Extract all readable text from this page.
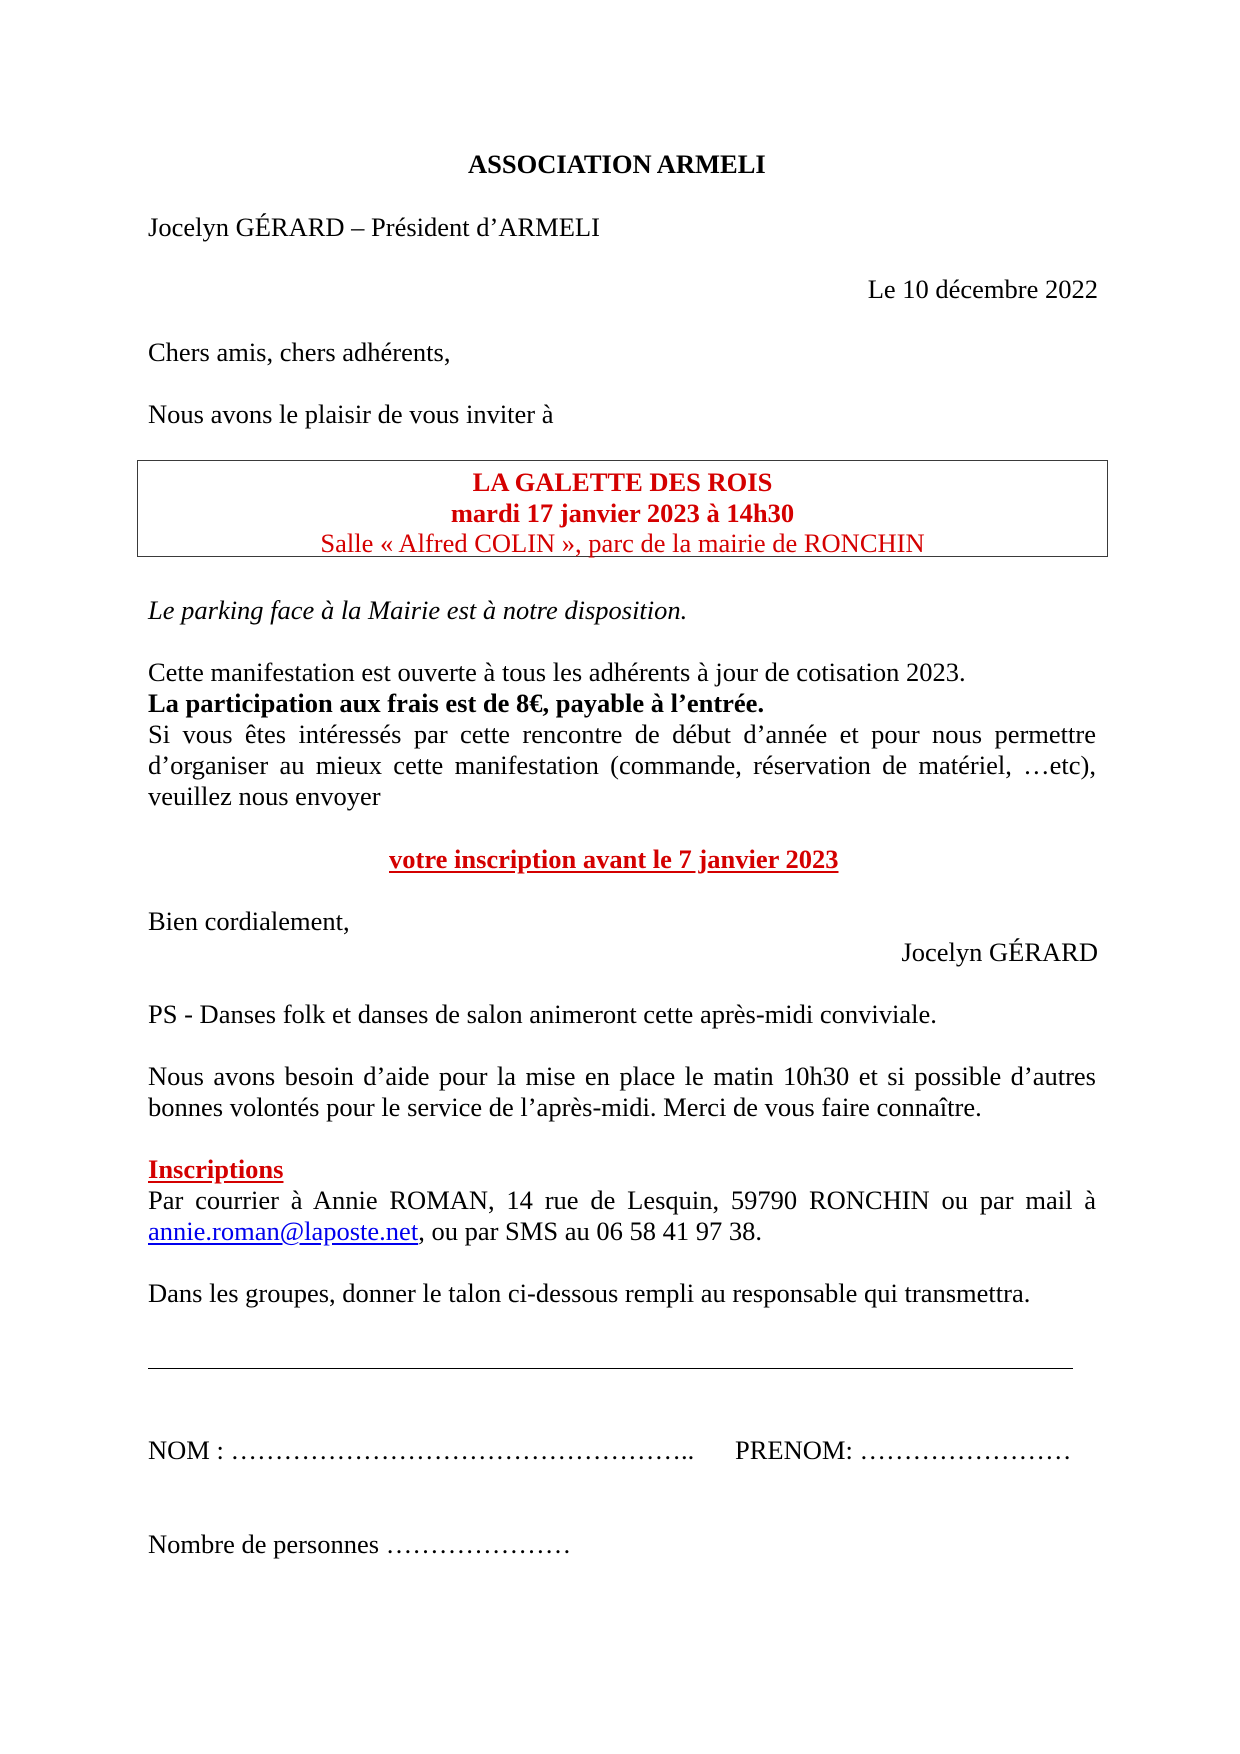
ASSOCIATION ARMELI

Jocelyn GÉRARD – Président d’ARMELI

Le 10 décembre 2022

Chers amis, chers adhérents,

Nous avons le plaisir de vous inviter à

LA GALETTE DES ROIS
mardi 17 janvier 2023 à 14h30
Salle « Alfred COLIN », parc de la mairie de RONCHIN

Le parking face à la Mairie est à notre disposition.

Cette manifestation est ouverte à tous les adhérents à jour de cotisation 2023.

La participation aux frais est de 8€, payable à l’entrée.

Si vous êtes intéressés par cette rencontre de début d’année et pour nous permettre

d’organiser au mieux cette manifestation (commande, réservation de matériel, …etc),

veuillez nous envoyer

votre inscription avant le 7 janvier 2023

Bien cordialement,

Jocelyn GÉRARD

PS - Danses folk et danses de salon animeront cette après-midi conviviale.

Nous avons besoin d’aide pour la mise en place le matin 10h30 et si possible d’autres

bonnes volontés pour le service de l’après-midi. Merci de vous faire connaître.

Inscriptions

Par courrier à Annie ROMAN, 14 rue de Lesquin, 59790 RONCHIN ou par mail à

annie.roman@laposte.net, ou par SMS au 06 58 41 97 38.

Dans les groupes, donner le talon ci-dessous rempli au responsable qui transmettra.

NOM : …………………………………………….. PRENOM: ……………………

Nombre de personnes …………………
